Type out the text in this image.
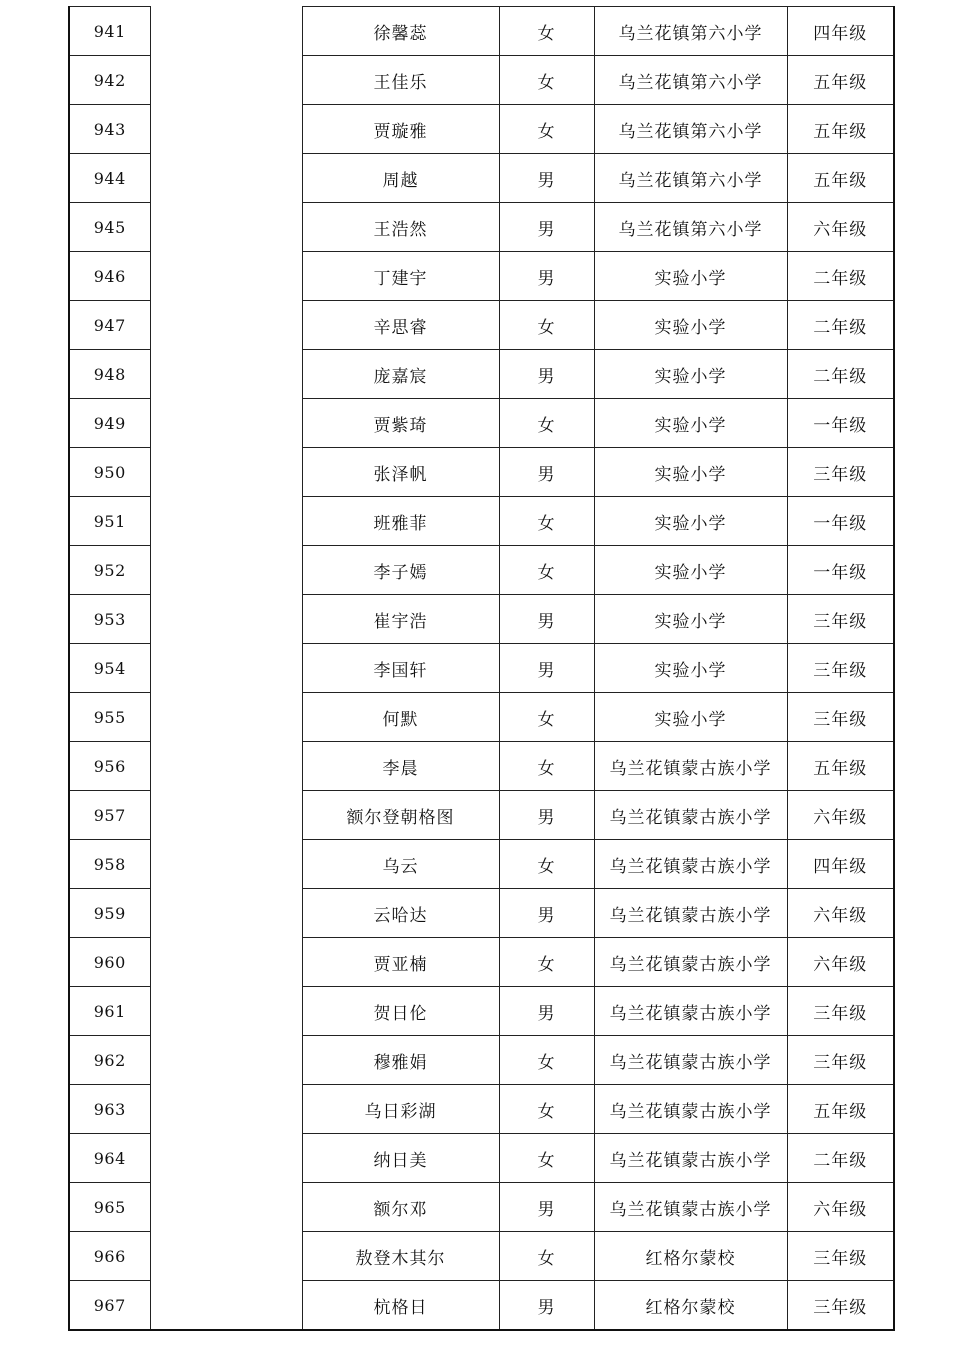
941		徐馨蕊	女	乌兰花镇第六小学	四年级
942		王佳乐	女	乌兰花镇第六小学	五年级
943		贾璇雅	女	乌兰花镇第六小学	五年级
944		周越	男	乌兰花镇第六小学	五年级
945		王浩然	男	乌兰花镇第六小学	六年级
946		丁建宇	男	实验小学	二年级
947		辛思睿	女	实验小学	二年级
948		庞嘉宸	男	实验小学	二年级
949		贾紫琦	女	实验小学	一年级
950		张泽帆	男	实验小学	三年级
951		班雅菲	女	实验小学	一年级
952		李子嫣	女	实验小学	一年级
953		崔宇浩	男	实验小学	三年级
954		李国轩	男	实验小学	三年级
955		何默	女	实验小学	三年级
956		李晨	女	乌兰花镇蒙古族小学	五年级
957		额尔登朝格图	男	乌兰花镇蒙古族小学	六年级
958		乌云	女	乌兰花镇蒙古族小学	四年级
959		云哈达	男	乌兰花镇蒙古族小学	六年级
960		贾亚楠	女	乌兰花镇蒙古族小学	六年级
961		贺日伦	男	乌兰花镇蒙古族小学	三年级
962		穆雅娟	女	乌兰花镇蒙古族小学	三年级
963		乌日彩湖	女	乌兰花镇蒙古族小学	五年级
964		纳日美	女	乌兰花镇蒙古族小学	二年级
965		额尔邓	男	乌兰花镇蒙古族小学	六年级
966		敖登木其尔	女	红格尔蒙校	三年级
967		杭格日	男	红格尔蒙校	三年级
